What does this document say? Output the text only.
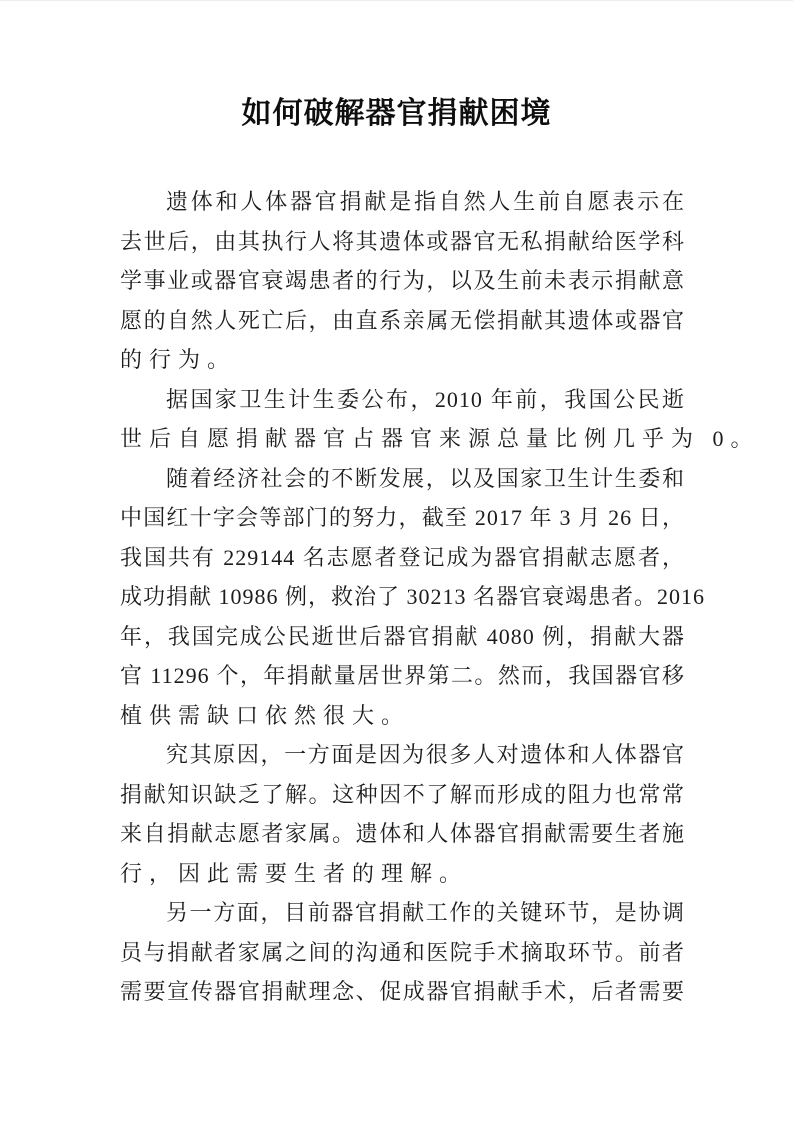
如何破解器官捐献困境
遗体和人体器官捐献是指自然人生前自愿表示在
去世后，由其执行人将其遗体或器官无私捐献给医学科
学事业或器官衰竭患者的行为，以及生前未表示捐献意
愿的自然人死亡后，由直系亲属无偿捐献其遗体或器官
的行为。
据国家卫生计生委公布，2010 年前，我国公民逝
世后自愿捐献器官占器官来源总量比例几乎为 0。
随着经济社会的不断发展，以及国家卫生计生委和
中国红十字会等部门的努力，截至 2017 年 3 月 26 日，
我国共有 229144 名志愿者登记成为器官捐献志愿者，
成功捐献 10986 例，救治了 30213 名器官衰竭患者。2016
年，我国完成公民逝世后器官捐献 4080 例，捐献大器
官 11296 个，年捐献量居世界第二。然而，我国器官移
植供需缺口依然很大。
究其原因，一方面是因为很多人对遗体和人体器官
捐献知识缺乏了解。这种因不了解而形成的阻力也常常
来自捐献志愿者家属。遗体和人体器官捐献需要生者施
行，因此需要生者的理解。
另一方面，目前器官捐献工作的关键环节，是协调
员与捐献者家属之间的沟通和医院手术摘取环节。前者
需要宣传器官捐献理念、促成器官捐献手术，后者需要
